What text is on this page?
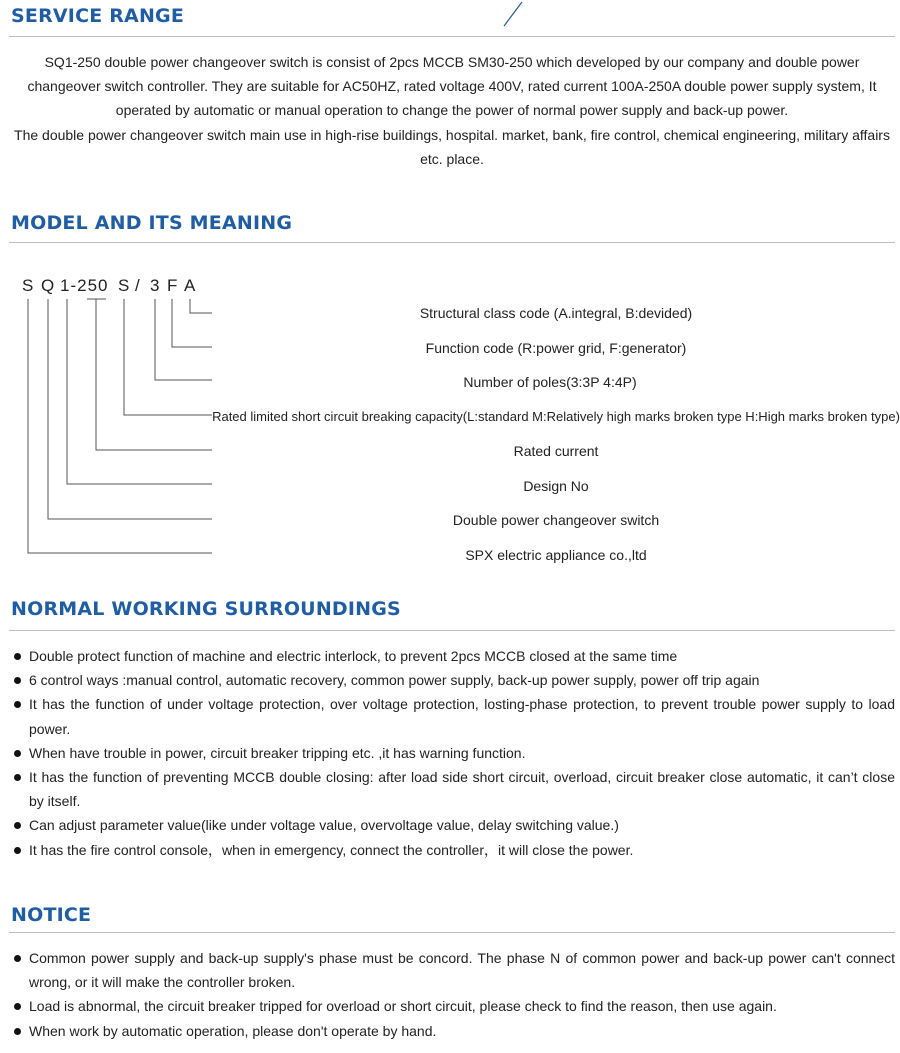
SERVICE RANGE

SQ1-250 double power changeover switch is consist of 2pcs MCCB SM30-250 which developed by our company and double power changeover switch controller. They are suitable for AC50HZ, rated voltage 400V, rated current 100A-250A double power supply system, It operated by automatic or manual operation to change the power of normal power supply and back-up power.

The double power changeover switch main use in high-rise buildings, hospital. market, bank, fire control, chemical engineering, military affairs etc. place.

MODEL AND ITS MEANING
S Q 1-250 S / 3 F A
Structural class code (A.integral, B:devided)
Function code (R:power grid, F:generator)
Number of poles(3:3P 4:4P)
Rated limited short circuit breaking capacity(L:standard M:Relatively high marks broken type H:High marks broken type)
Rated current
Design No
Double power changeover switch
SPX electric appliance co.,ltd
NORMAL WORKING SURROUNDINGS
Double protect function of machine and electric interlock, to prevent 2pcs MCCB closed at the same time
6 control ways :manual control, automatic recovery, common power supply, back-up power supply, power off trip again
It has the function of under voltage protection, over voltage protection, losting-phase protection, to prevent trouble power supply to load power.
When have trouble in power, circuit breaker tripping etc. ,it has warning function.
It has the function of preventing MCCB double closing: after load side short circuit, overload, circuit breaker close automatic, it can’t close by itself.
Can adjust parameter value(like under voltage value, overvoltage value, delay switching value.)
It has the fire control console，when in emergency, connect the controller，it will close the power.
NOTICE
Common power supply and back-up supply's phase must be concord. The phase N of common power and back-up power can't connect wrong, or it will make the controller broken.
Load is abnormal, the circuit breaker tripped for overload or short circuit, please check to find the reason, then use again.
When work by automatic operation, please don't operate by hand.
